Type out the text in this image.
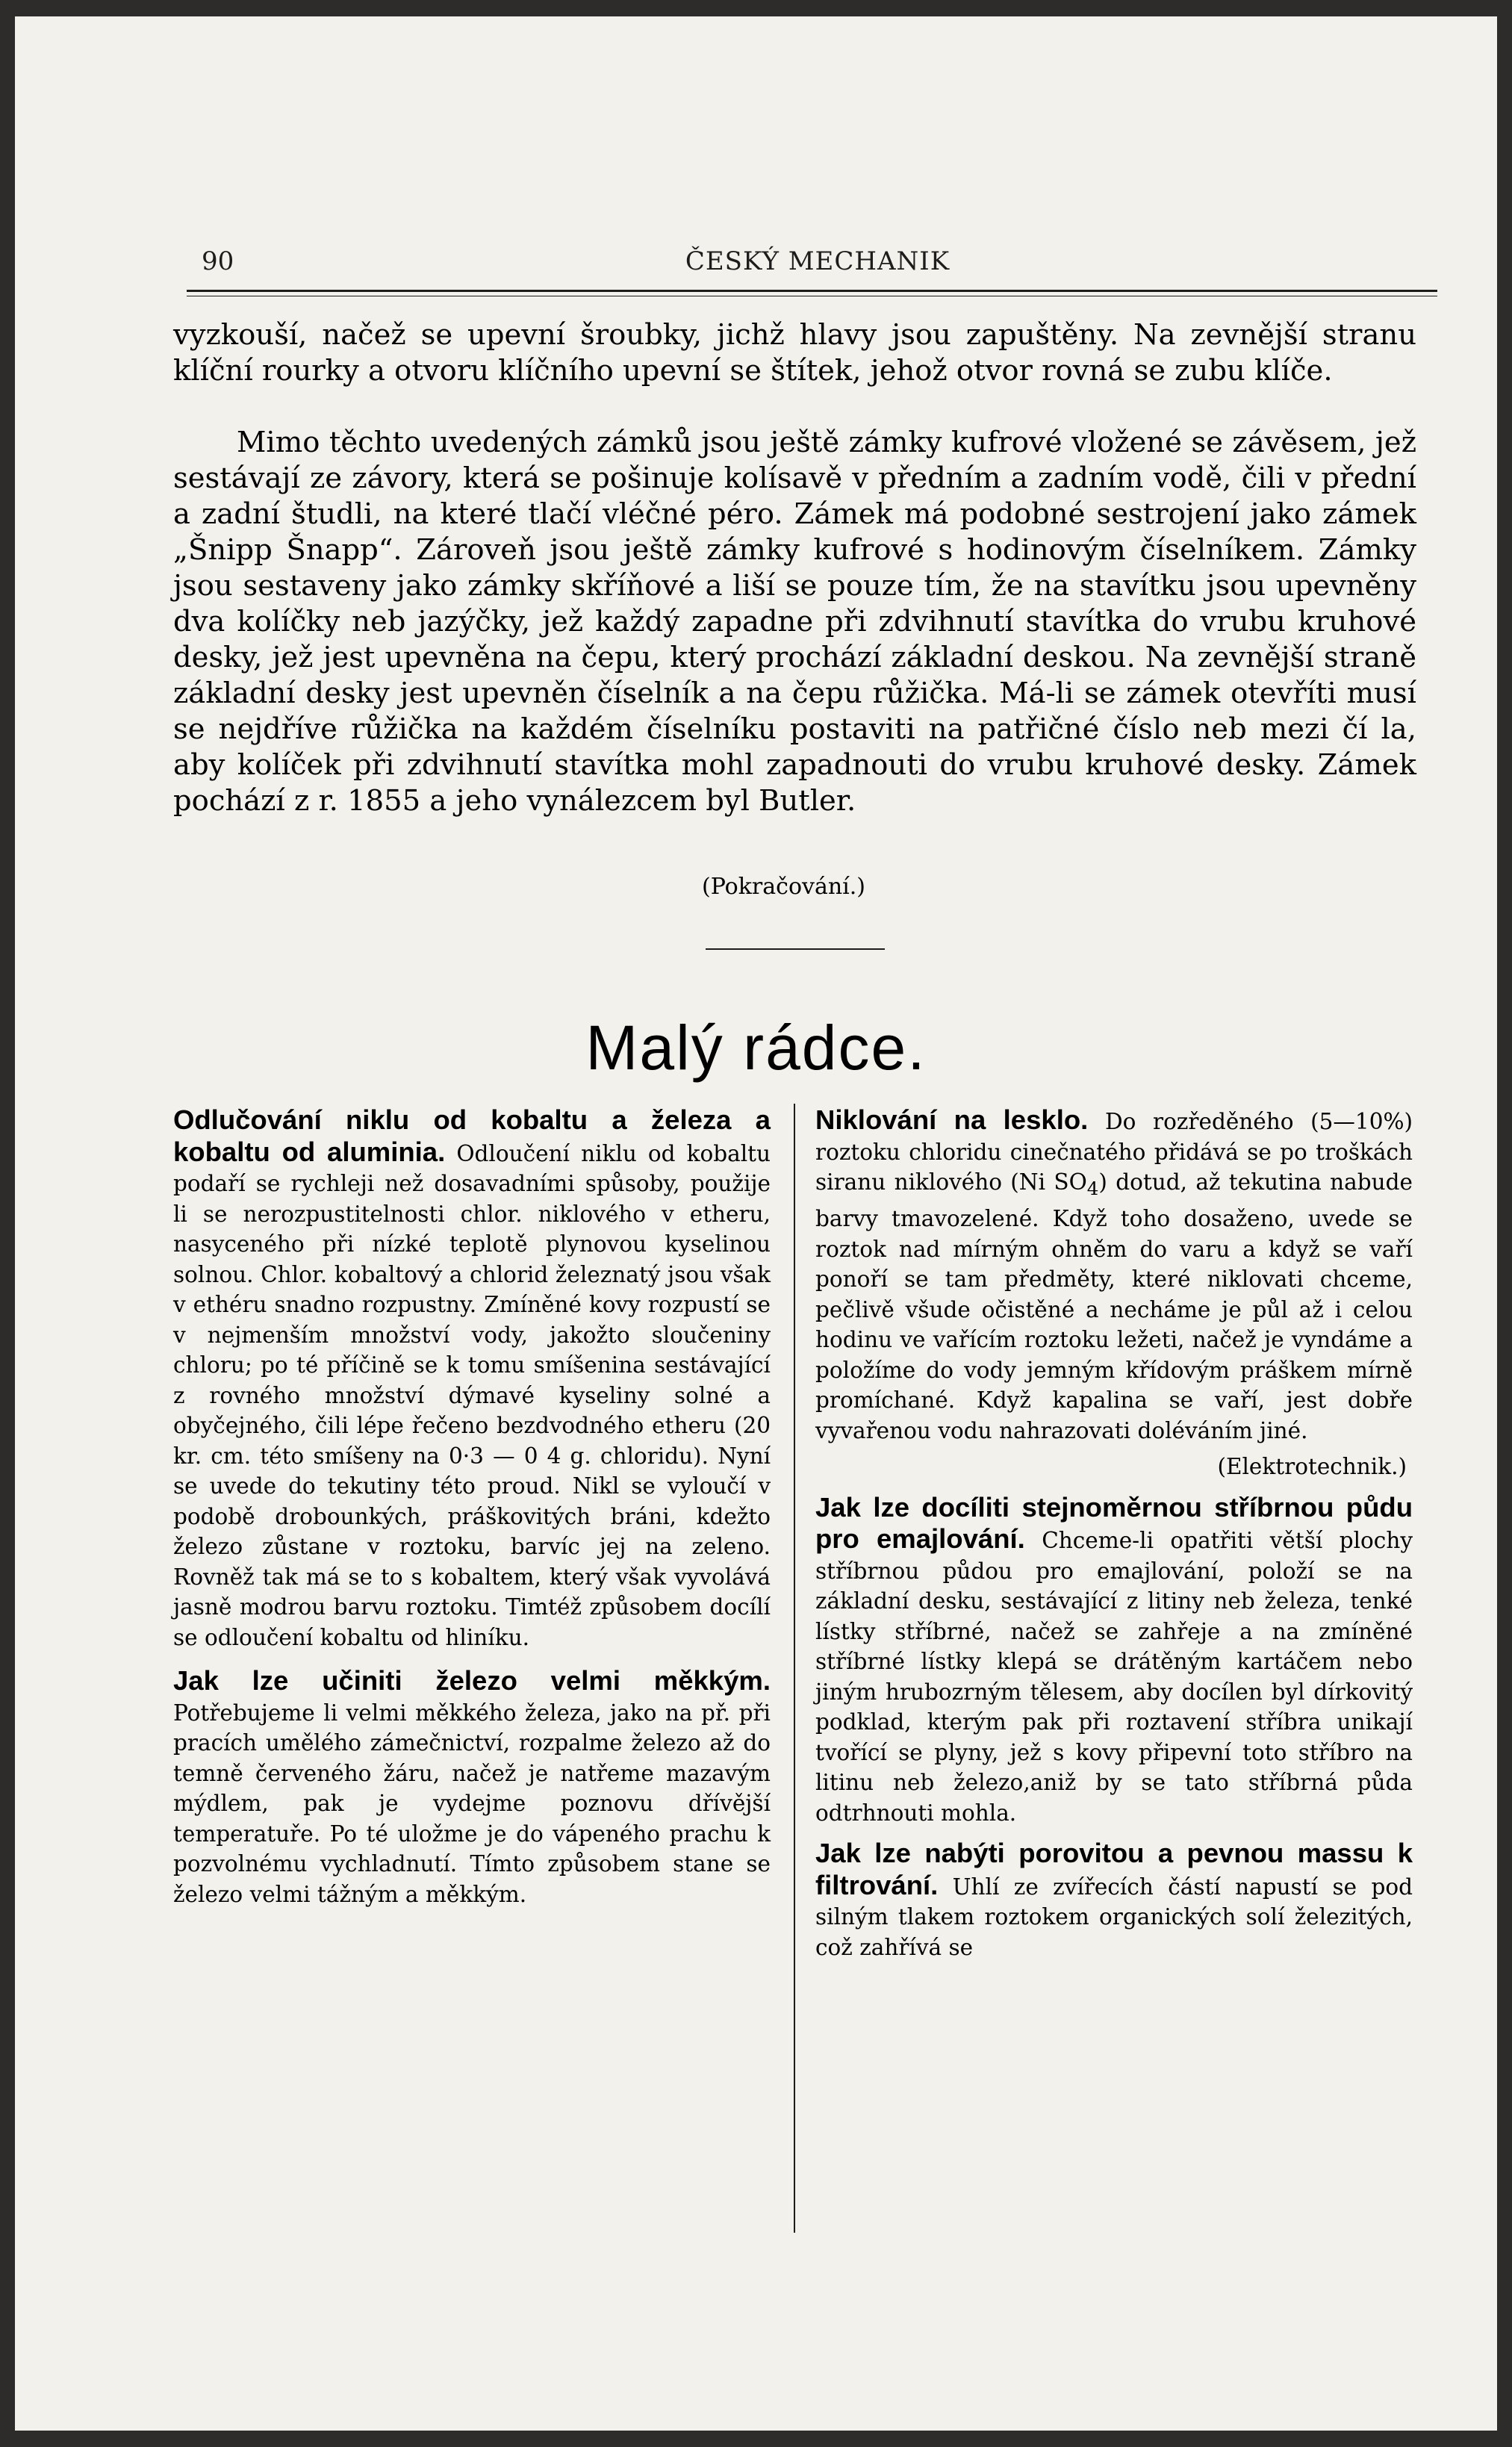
90	ČESKÝ MECHANIK

vyzkouší, načež se upevní šroubky, jichž hlavy jsou zapuštěny. Na zevnější stranu klíční rourky a otvoru klíčního upevní se štítek, jehož otvor rovná se zubu klíče.

Mimo těchto uvedených zámků jsou ještě zámky kufrové vložené se závěsem, jež sestávají ze závory, která se pošinuje kolísavě v předním a zadním vodě, čili v přední a zadní študli, na které tlačí vléčné péro. Zámek má podobné sestrojení jako zámek „Šnipp Šnapp“. Zároveň jsou ještě zámky kufrové s hodinovým číselníkem. Zámky jsou sestaveny jako zámky skříňové a liší se pouze tím, že na stavítku jsou upevněny dva kolíčky neb jazýčky, jež každý zapadne při zdvihnutí stavítka do vrubu kruhové desky, jež jest upevněna na čepu, který prochází základní deskou. Na zevnější straně základní desky jest upevněn číselník a na čepu růžička. Má-li se zámek otevříti musí se nejdříve růžička na každém číselníku postaviti na patřičné číslo neb mezi čí la, aby kolíček při zdvihnutí stavítka mohl zapadnouti do vrubu kruhové desky. Zámek pochází z r. 1855 a jeho vynálezcem byl Butler.

(Pokračování.)
Malý rádce.

Odlučování niklu od kobaltu a železa a kobaltu od aluminia. Odloučení niklu od kobaltu podaří se rychleji než dosavadními spůsoby, použije li se nerozpustitelnosti chlor. niklového v etheru, nasyceného při nízké teplotě plynovou kyselinou solnou. Chlor. kobaltový a chlorid železnatý jsou však v ethéru snadno rozpustny. Zmíněné kovy rozpustí se v nejmenším množství vody, jakožto sloučeniny chloru; po té příčině se k tomu smíšenina sestávající z rovného množství dýmavé kyseliny solné a obyčejného, čili lépe řečeno bezdvodného etheru (20 kr. cm. této smíšeny na 0·3 — 0 4 g. chloridu). Nyní se uvede do tekutiny této proud. Nikl se vyloučí v podobě drobounkých, práškovitých bráni, kdežto železo zůstane v roztoku, barvíc jej na zeleno. Rovněž tak má se to s kobaltem, který však vyvolává jasně modrou barvu roztoku. Timtéž způsobem docílí se odloučení kobaltu od hliníku.

Jak lze učiniti železo velmi měkkým. Potřebujeme li velmi měkkého železa, jako na př. při pracích umělého zámečnictví, rozpalme železo až do temně červeného žáru, načež je natřeme mazavým mýdlem, pak je vydejme poznovu dřívější temperatuře. Po té uložme je do vápeného prachu k pozvolnému vychladnutí. Tímto způsobem stane se železo velmi tážným a měkkým.

Niklování na lesklo. Do rozředěného (5—10%) roztoku chloridu cinečnatého přidává se po troškách siranu niklového (Ni $SO_4$) dotud, až tekutina nabude barvy tmavozelené. Když toho dosaženo, uvede se roztok nad mírným ohněm do varu a když se vaří ponoří se tam předměty, které niklovati chceme, pečlivě všude očistěné a necháme je půl až i celou hodinu ve vařícím roztoku ležeti, načež je vyndáme a položíme do vody jemným křídovým práškem mírně promíchané. Když kapalina se vaří, jest dobře vyvařenou vodu nahrazovati doléváním jiné.

(Elektrotechnik.)

Jak lze docíliti stejnoměrnou stříbrnou půdu pro emajlování. Chceme-li opatřiti větší plochy stříbrnou půdou pro emajlování, položí se na základní desku, sestávající z litiny neb železa, tenké lístky stříbrné, načež se zahřeje a na zmíněné stříbrné lístky klepá se drátěným kartáčem nebo jiným hrubozrným tělesem, aby docílen byl dírkovitý podklad, kterým pak při roztavení stříbra unikají tvořící se plyny, jež s kovy připevní toto stříbro na litinu neb železo,aniž by se tato stříbrná půda odtrhnouti mohla.

Jak lze nabýti porovitou a pevnou massu k filtrování. Uhlí ze zvířecích částí napustí se pod silným tlakem roztokem organických solí železitých, což zahřívá se
